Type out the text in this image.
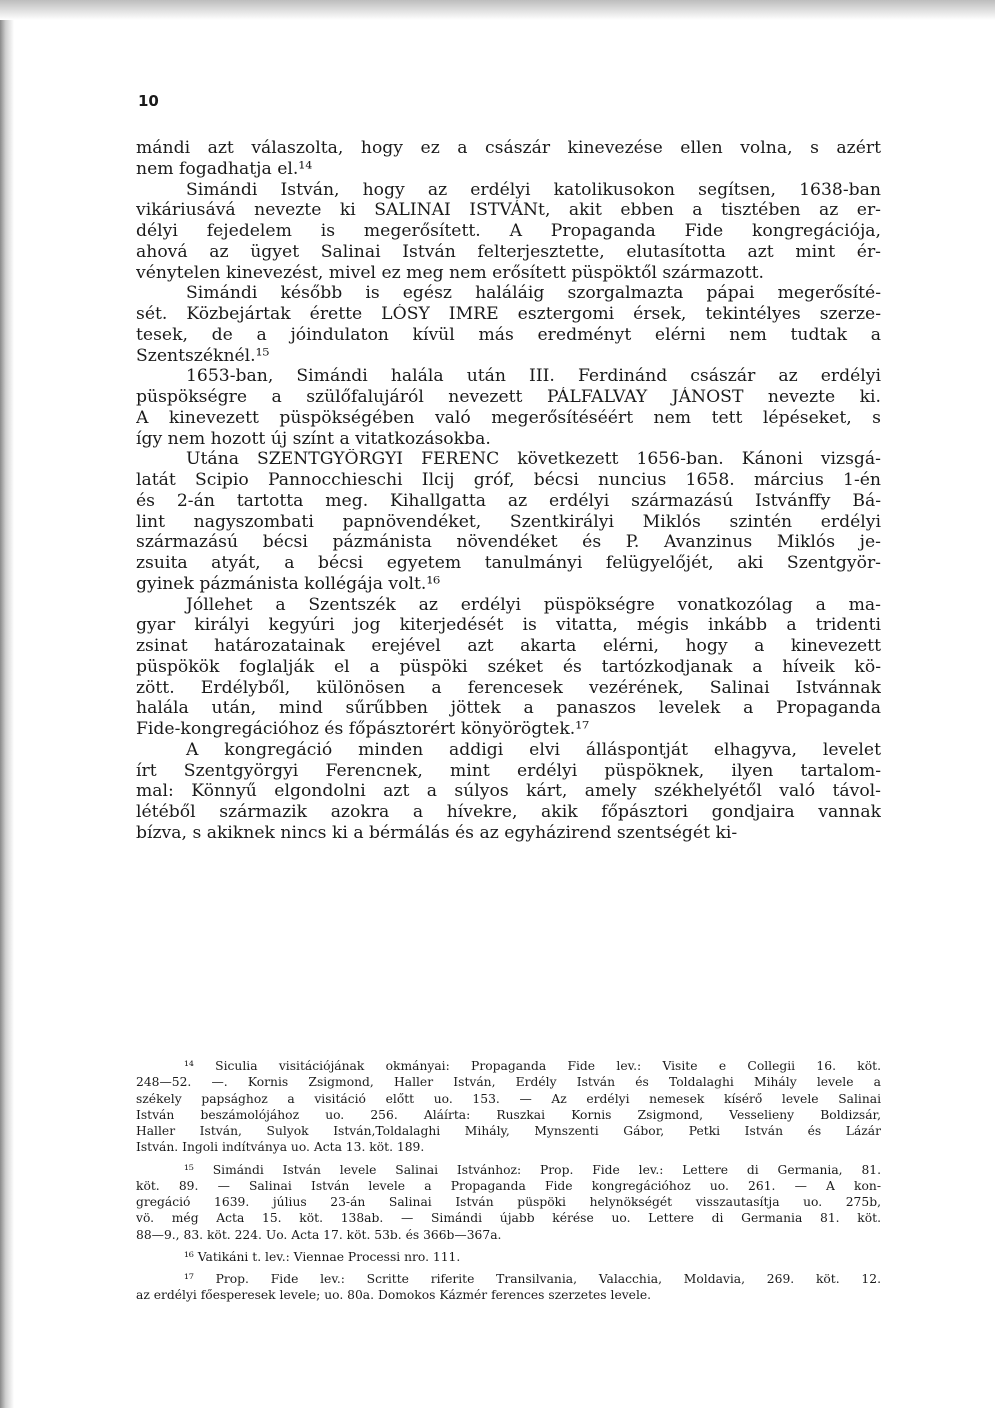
10
mándi azt válaszolta, hogy ez a császár kinevezése ellen volna, s azért
nem fogadhatja el.¹⁴
Simándi István, hogy az erdélyi katolikusokon segítsen, 1638-ban
vikáriusává nevezte ki SALINAI ISTVÁNt, akit ebben a tisztében az er-
délyi fejedelem is megerősített. A Propaganda Fide kongregációja,
ahová az ügyet Salinai István felterjesztette, elutasította azt mint ér-
vénytelen kinevezést, mivel ez meg nem erősített püspöktől származott.
Simándi később is egész haláláig szorgalmazta pápai megerősíté-
sét. Közbejártak érette LÓSY IMRE esztergomi érsek, tekintélyes szerze-
tesek, de a jóindulaton kívül más eredményt elérni nem tudtak a
Szentszéknél.¹⁵
1653-ban, Simándi halála után III. Ferdinánd császár az erdélyi
püspökségre a szülőfalujáról nevezett PÁLFALVAY JÁNOST nevezte ki.
A kinevezett püspökségében való megerősítéséért nem tett lépéseket, s
így nem hozott új színt a vitatkozásokba.
Utána SZENTGYÖRGYI FERENC következett 1656-ban. Kánoni vizsgá-
latát Scipio Pannocchieschi Ilcij gróf, bécsi nuncius 1658. március 1-én
és 2-án tartotta meg. Kihallgatta az erdélyi származású Istvánffy Bá-
lint nagyszombati papnövendéket, Szentkirályi Miklós szintén erdélyi
származású bécsi pázmánista növendéket és P. Avanzinus Miklós je-
zsuita atyát, a bécsi egyetem tanulmányi felügyelőjét, aki Szentgyör-
gyinek pázmánista kollégája volt.¹⁶
Jóllehet a Szentszék az erdélyi püspökségre vonatkozólag a ma-
gyar királyi kegyúri jog kiterjedését is vitatta, mégis inkább a tridenti
zsinat határozatainak erejével azt akarta elérni, hogy a kinevezett
püspökök foglalják el a püspöki széket és tartózkodjanak a híveik kö-
zött. Erdélyből, különösen a ferencesek vezérének, Salinai Istvánnak
halála után, mind sűrűbben jöttek a panaszos levelek a Propaganda
Fide-kongregációhoz és főpásztorért könyörögtek.¹⁷
A kongregáció minden addigi elvi álláspontját elhagyva, levelet
írt Szentgyörgyi Ferencnek, mint erdélyi püspöknek, ilyen tartalom-
mal: Könnyű elgondolni azt a súlyos kárt, amely székhelyétől való távol-
létéből származik azokra a hívekre, akik főpásztori gondjaira vannak
bízva, s akiknek nincs ki a bérmálás és az egyházirend szentségét ki-
¹⁴ Siculia visitációjának okmányai: Propaganda Fide lev.: Visite e Collegii 16. köt.
248—52. —. Kornis Zsigmond, Haller István, Erdély István és Toldalaghi Mihály levele a
székely papsághoz a visitáció előtt uo. 153. — Az erdélyi nemesek kísérő levele Salinai
István beszámolójához uo. 256. Aláírta: Ruszkai Kornis Zsigmond, Vesselieny Boldizsár,
Haller István, Sulyok István,Toldalaghi Mihály, Mynszenti Gábor, Petki István és Lázár
István. Ingoli indítványa uo. Acta 13. köt. 189.
¹⁵ Simándi István levele Salinai Istvánhoz: Prop. Fide lev.: Lettere di Germania, 81.
köt. 89. — Salinai István levele a Propaganda Fide kongregációhoz uo. 261. — A kon-
gregáció 1639. július 23-án Salinai István püspöki helynökségét visszautasítja uo. 275b,
vö. még Acta 15. köt. 138ab. — Simándi újabb kérése uo. Lettere di Germania 81. köt.
88—9., 83. köt. 224. Uo. Acta 17. köt. 53b. és 366b—367a.
¹⁶ Vatikáni t. lev.: Viennae Processi nro. 111.
¹⁷ Prop. Fide lev.: Scritte riferite Transilvania, Valacchia, Moldavia, 269. köt. 12.
az erdélyi főesperesek levele; uo. 80a. Domokos Kázmér ferences szerzetes levele.
